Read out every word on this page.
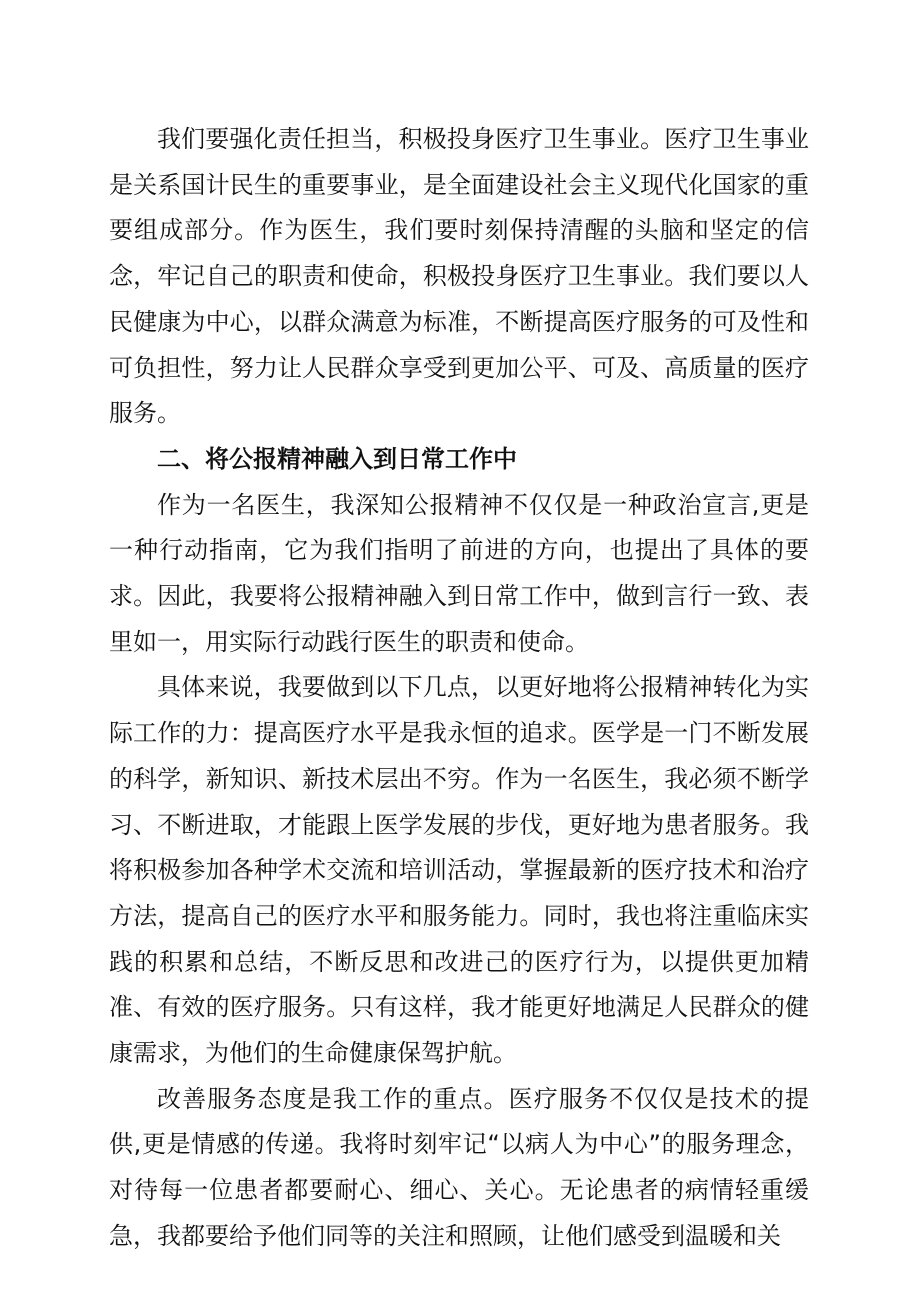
我们要强化责任担当，积极投身医疗卫生事业。医疗卫生事业是关系国计民生的重要事业，是全面建设社会主义现代化国家的重要组成部分。作为医生，我们要时刻保持清醒的头脑和坚定的信念，牢记自己的职责和使命，积极投身医疗卫生事业。我们要以人民健康为中心，以群众满意为标准，不断提高医疗服务的可及性和可负担性，努力让人民群众享受到更加公平、可及、高质量的医疗服务。

二、将公报精神融入到日常工作中

作为一名医生，我深知公报精神不仅仅是一种政治宣言,更是一种行动指南，它为我们指明了前进的方向，也提出了具体的要求。因此，我要将公报精神融入到日常工作中，做到言行一致、表里如一，用实际行动践行医生的职责和使命。

具体来说，我要做到以下几点，以更好地将公报精神转化为实际工作的力：提高医疗水平是我永恒的追求。医学是一门不断发展的科学，新知识、新技术层出不穷。作为一名医生，我必须不断学习、不断进取，才能跟上医学发展的步伐，更好地为患者服务。我将积极参加各种学术交流和培训活动，掌握最新的医疗技术和治疗方法，提高自己的医疗水平和服务能力。同时，我也将注重临床实践的积累和总结，不断反思和改进己的医疗行为，以提供更加精准、有效的医疗服务。只有这样，我才能更好地满足人民群众的健康需求，为他们的生命健康保驾护航。

改善服务态度是我工作的重点。医疗服务不仅仅是技术的提供,更是情感的传递。我将时刻牢记“以病人为中心”的服务理念，对待每一位患者都要耐心、细心、关心。无论患者的病情轻重缓急，我都要给予他们同等的关注和照顾，让他们感受到温暖和关
